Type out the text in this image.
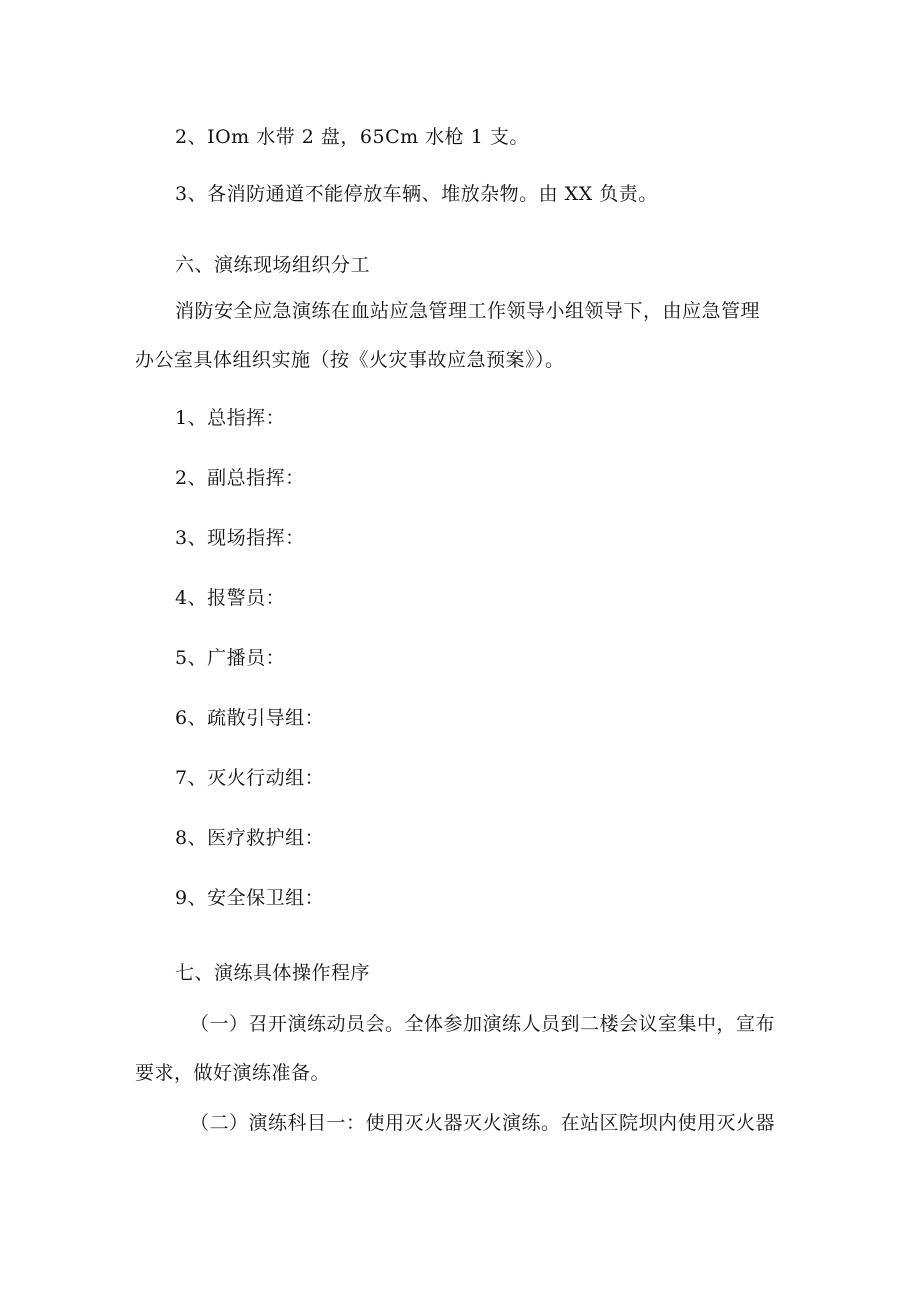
2、IOm 水带 2 盘，65Cm 水枪 1 支。
3、各消防通道不能停放车辆、堆放杂物。由 XX 负责。
六、演练现场组织分工
消防安全应急演练在血站应急管理工作领导小组领导下，由应急管理
办公室具体组织实施（按《火灾事故应急预案》）。
1、总指挥：
2、副总指挥：
3、现场指挥：
4、报警员：
5、广播员：
6、疏散引导组：
7、灭火行动组：
8、医疗救护组：
9、安全保卫组：
七、演练具体操作程序
（一）召开演练动员会。全体参加演练人员到二楼会议室集中，宣布
要求，做好演练准备。
（二）演练科目一：使用灭火器灭火演练。在站区院坝内使用灭火器
